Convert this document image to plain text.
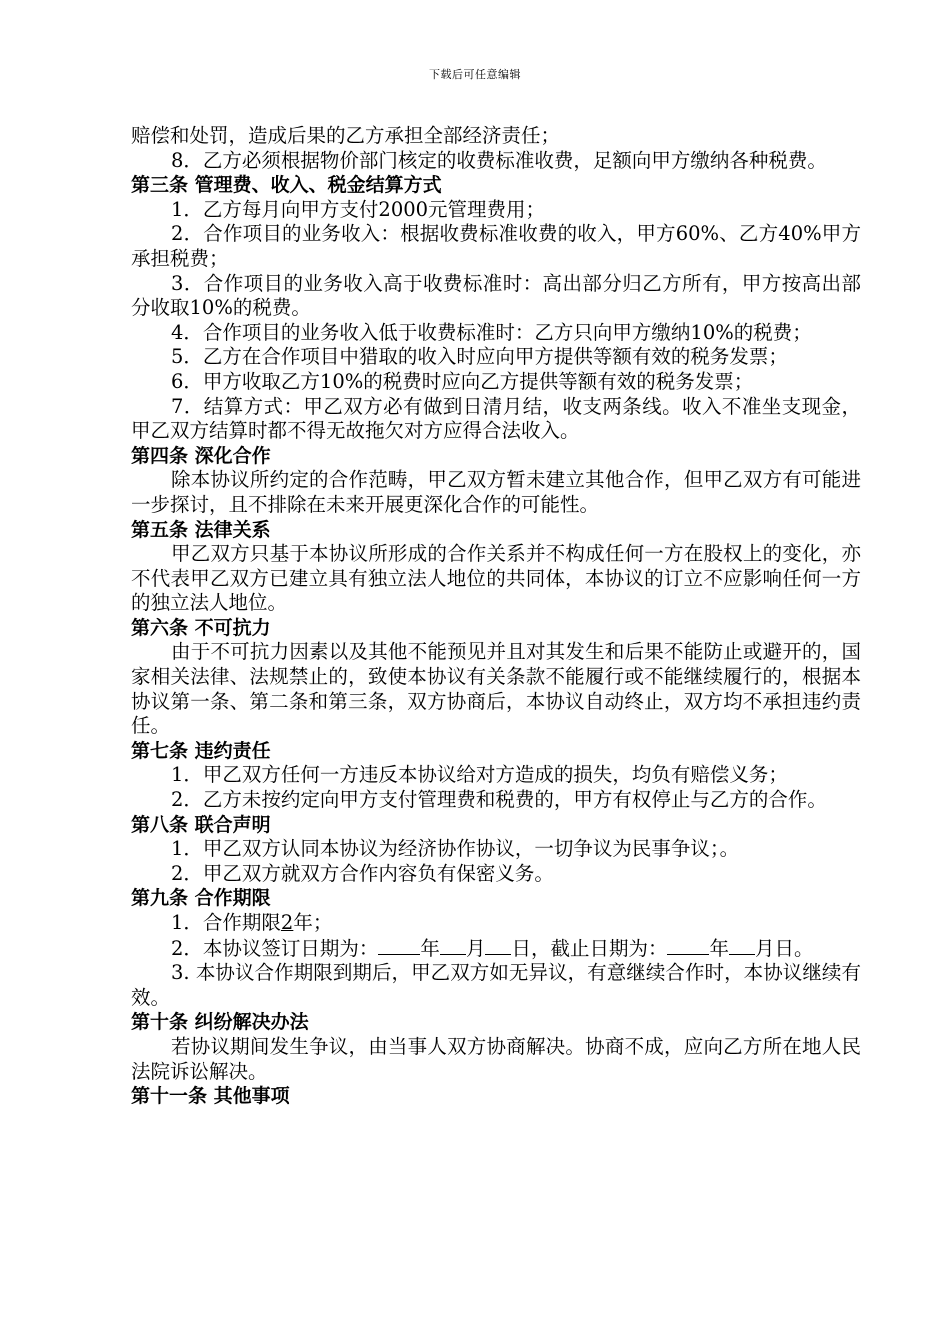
下载后可任意编辑

赔偿和处罚，造成后果的乙方承担全部经济责任；

8．乙方必须根据物价部门核定的收费标准收费，足额向甲方缴纳各种税费。

第三条 管理费、收入、税金结算方式

1．乙方每月向甲方支付2000元管理费用；

2．合作项目的业务收入：根据收费标准收费的收入，甲方60%、乙方40%甲方承担税费；

3．合作项目的业务收入高于收费标准时：高出部分归乙方所有，甲方按高出部分收取10%的税费。

4．合作项目的业务收入低于收费标准时：乙方只向甲方缴纳10%的税费；

5．乙方在合作项目中猎取的收入时应向甲方提供等额有效的税务发票；

6．甲方收取乙方10%的税费时应向乙方提供等额有效的税务发票；

7．结算方式：甲乙双方必有做到日清月结，收支两条线。收入不准坐支现金，甲乙双方结算时都不得无故拖欠对方应得合法收入。

第四条 深化合作

除本协议所约定的合作范畴，甲乙双方暂未建立其他合作，但甲乙双方有可能进一步探讨，且不排除在未来开展更深化合作的可能性。

第五条 法律关系

甲乙双方只基于本协议所形成的合作关系并不构成任何一方在股权上的变化，亦不代表甲乙双方已建立具有独立法人地位的共同体，本协议的订立不应影响任何一方的独立法人地位。

第六条 不可抗力

由于不可抗力因素以及其他不能预见并且对其发生和后果不能防止或避开的，国家相关法律、法规禁止的，致使本协议有关条款不能履行或不能继续履行的，根据本协议第一条、第二条和第三条，双方协商后，本协议自动终止，双方均不承担违约责任。

第七条 违约责任

1．甲乙双方任何一方违反本协议给对方造成的损失，均负有赔偿义务；

2．乙方未按约定向甲方支付管理费和税费的，甲方有权停止与乙方的合作。

第八条 联合声明

1．甲乙双方认同本协议为经济协作协议，一切争议为民事争议；。

2．甲乙双方就双方合作内容负有保密义务。

第九条 合作期限

1．合作期限2年；

2．本协议签订日期为： 年 月 日，截止日期为： 年 月日。

3. 本协议合作期限到期后，甲乙双方如无异议，有意继续合作时，本协议继续有效。

第十条 纠纷解决办法

若协议期间发生争议，由当事人双方协商解决。协商不成，应向乙方所在地人民法院诉讼解决。

第十一条 其他事项
